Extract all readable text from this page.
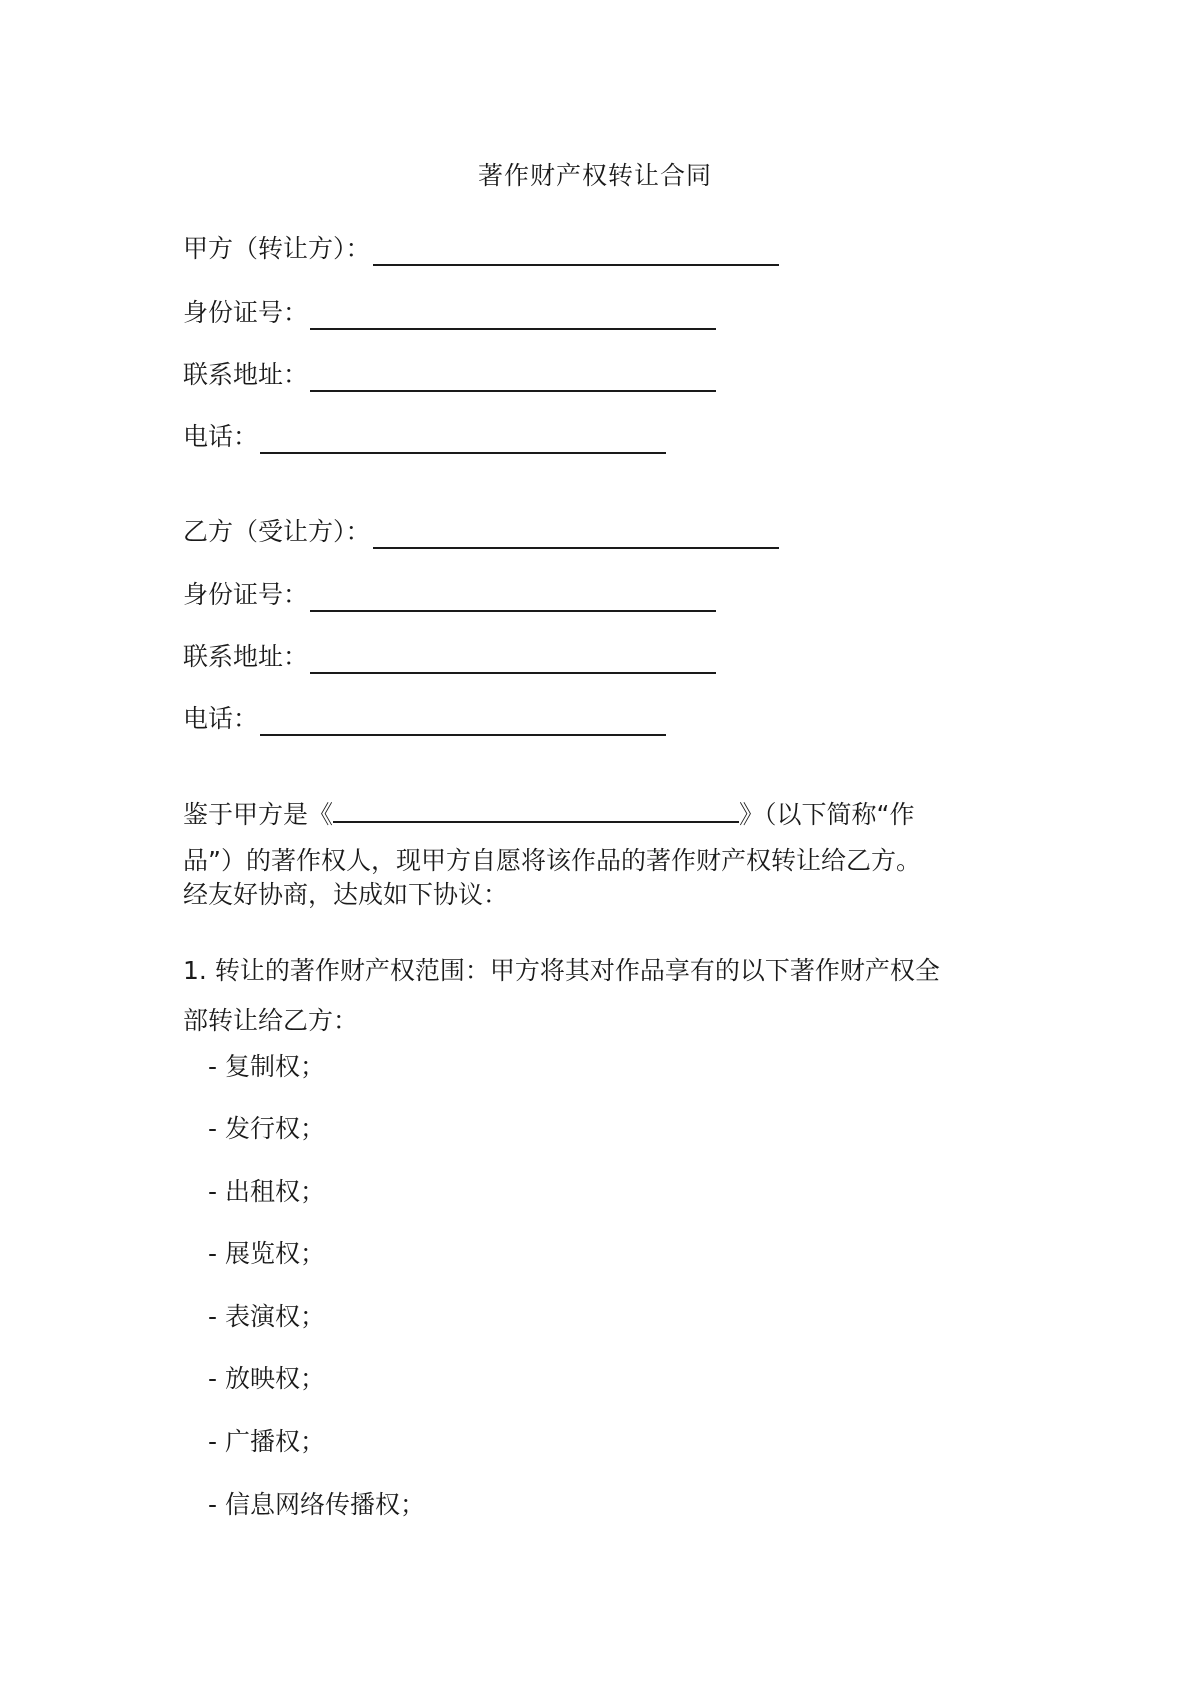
著作财产权转让合同
甲方（转让方）：
身份证号：
联系地址：
电话：
乙方（受让方）：
身份证号：
联系地址：
电话：
鉴于甲方是《	》（以下简称“作
品”）的著作权人，现甲方自愿将该作品的著作财产权转让给乙方。
经友好协商，达成如下协议：
1. 转让的著作财产权范围：甲方将其对作品享有的以下著作财产权全
部转让给乙方：
- 复制权；
- 发行权；
- 出租权；
- 展览权；
- 表演权；
- 放映权；
- 广播权；
- 信息网络传播权；
